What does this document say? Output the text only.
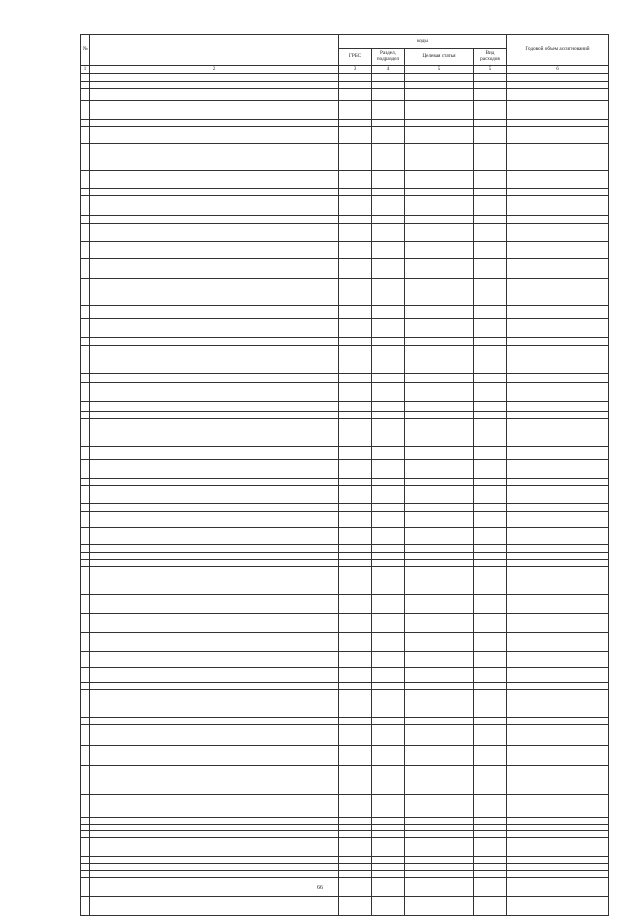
№		коды				Годовой объем ассигнований
		ГРБС	Раздел, подраздел	Целевая статья	Вид расходов	
1	2	3	4	5	5	6

66
